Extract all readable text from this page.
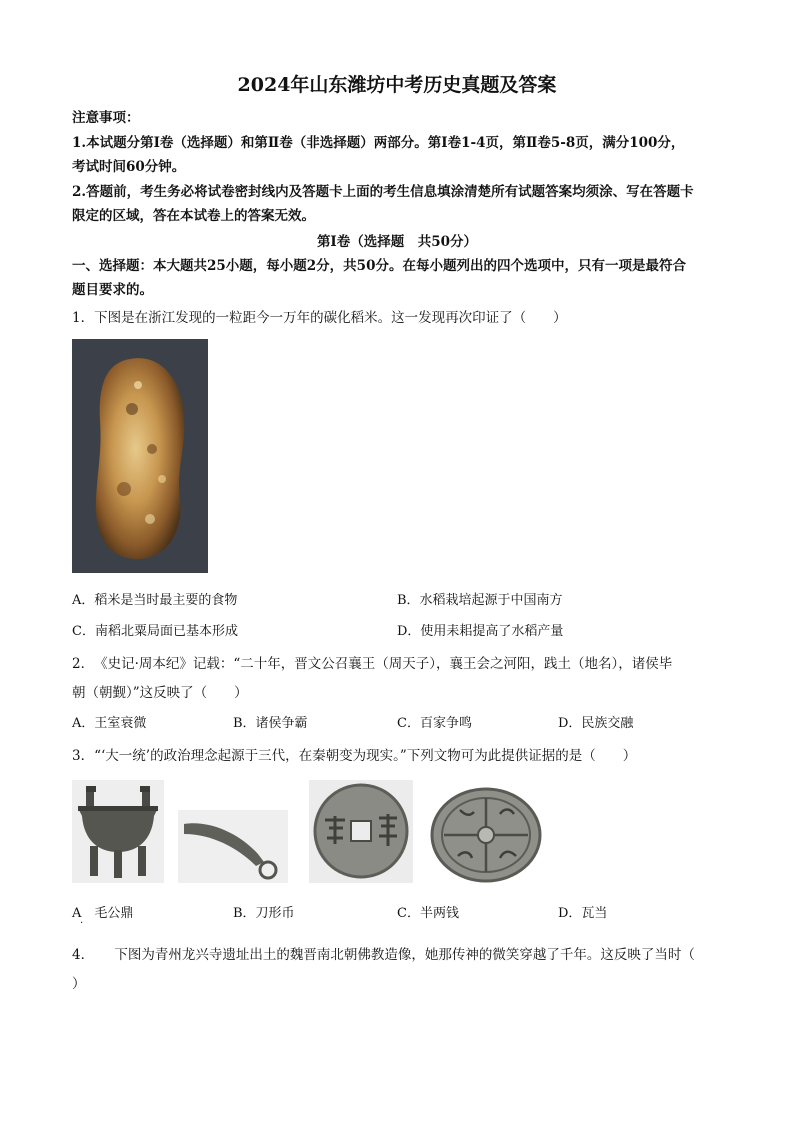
2024年山东潍坊中考历史真题及答案
注意事项：
1.本试题分第Ⅰ卷（选择题）和第Ⅱ卷（非选择题）两部分。第Ⅰ卷1-4页，第Ⅱ卷5-8页，满分100分，
考试时间60分钟。
2.答题前，考生务必将试卷密封线内及答题卡上面的考生信息填涂清楚所有试题答案均须涂、写在答题卡
限定的区域，答在本试卷上的答案无效。
第Ⅰ卷（选择题　共50分）
一、选择题：本大题共25小题，每小题2分，共50分。在每小题列出的四个选项中，只有一项是最符合
题目要求的。
1．下图是在浙江发现的一粒距今一万年的碳化稻米。这一发现再次印证了（　　）
A．稻米是当时最主要的食物	B．水稻栽培起源于中国南方
C．南稻北粟局面已基本形成	D．使用耒耜提高了水稻产量
2．　《史记·周本纪》记载：“二十年，晋文公召襄王（周天子），襄王会之河阳，践土（地名），诸侯毕
朝（朝觐）”这反映了（　　）
A．王室衰微	B．诸侯争霸	C．百家争鸣	D．民族交融
3．“‘大一统’的政治理念起源于三代，在秦朝变为现实。”下列文物可为此提供证据的是（　　）
A　毛公鼎
·
B．刀形币	C．半两钱	D．瓦当
4．　　下图为青州龙兴寺遗址出土的魏晋南北朝佛教造像，她那传神的微笑穿越了千年。这反映了当时（
）
